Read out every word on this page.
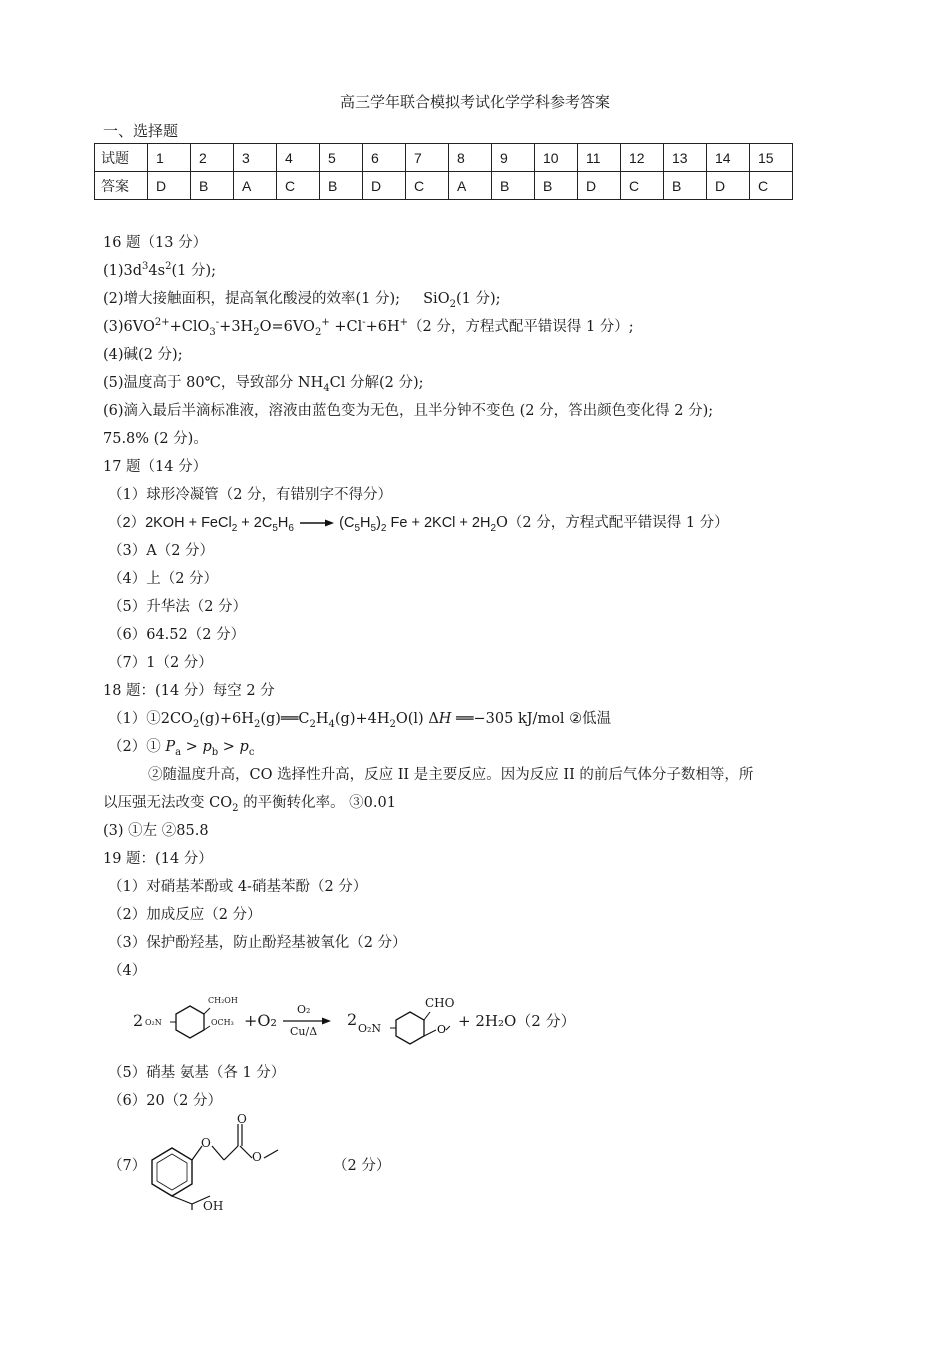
高三学年联合模拟考试化学学科参考答案
一、选择题
试题	1	2	3	4	5	6	7	8	9	10	11	12	13	14	15
答案	D	B	A	C	B	D	C	A	B	B	D	C	B	D	C
16 题（13 分）
$(1)3d^34s^2(1$ 分);
(2)增大接触面积，提高氧化酸浸的效率(1 分); SiO$_2$(1 分);
$(3)6VO^{2+}+ClO_3^-+3H_2O=6VO_2^+ +Cl^-+6H^+(2$ 分，方程式配平错误得 1 分）;
(4)碱(2 分);
(5)温度高于 80℃，导致部分 $NH_4Cl$ 分解(2 分);
(6)滴入最后半滴标准液，溶液由蓝色变为无色，且半分钟不变色 (2 分，答出颜色变化得 2 分);
75.8% (2 分)。
17 题（14 分）
（1）球形冷凝管（2 分，有错别字不得分）
（2）2KOH + FeCl$_2$ + $2C_5H_6 \to (C_5H_5)_2$ $Fe + 2KCl + 2H_2O(2$ 分，方程式配平错误得 1 分）
（3）A（2 分）
（4）上（2 分）
（5）升华法（2 分）
（6）64.52（2 分）
（7）1（2 分）
18 题：(14 分）每空 2 分
$(1)①2CO_2(g)+6H_2(g)══C_2H_4(g)+4H_2O(l)$ ΔH ══−305 kJ/mol ②低温
（2）① $P_a > p_b > p_c$
②随温度升高，CO 选择性升高，反应 II 是主要反应。因为反应 II 的前后气体分子数相等，所
以压强无法改变 $CO_2$ 的平衡转化率。 ③0.01
(3) ①左 ②85.8
19 题：(14 分）
（1）对硝基苯酚或 4-硝基苯酚（2 分）
（2）加成反应（2 分）
（3）保护酚羟基，防止酚羟基被氧化（2 分）
（4）
2 O₂N
CH₂OH
OCH₃ +O₂
O₂
Cu/Δ
2 O₂N	O
CHO
+ 2H₂O（2 分）
（5）硝基 氨基（各 1 分）
（6）20（2 分）
（7）
O
O
O
OH
（2 分）
